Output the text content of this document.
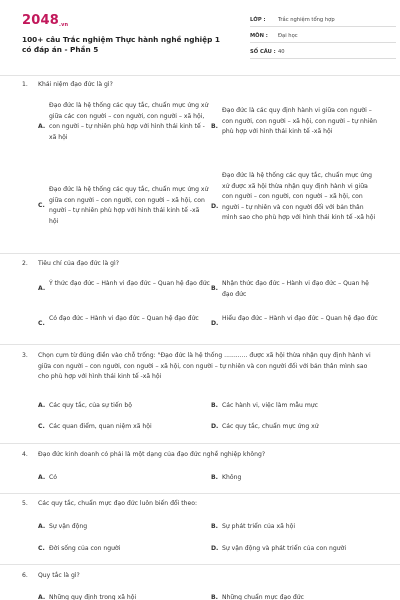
2048.vn
100+ câu Trắc nghiệm Thực hành nghề nghiệp 1 có đáp án - Phần 5
LỚP :	Trắc nghiệm tổng hợp
MÔN :	Đại học
SỐ CÂU : 40
1.	Khái niệm đạo đức là gì?
A.
Đạo đức là hệ thống các quy tắc, chuẩn mực ứng xử giữa các con người – con người, con người – xã hội, con người – tự nhiên phù hợp với hình thái kinh tế -xã hội
B.
Đạo đức là các quy định hành vi giữa con người – con người, con người – xã hội, con người – tự nhiên phù hợp với hình thái kinh tế -xã hội
C.
Đạo đức là hệ thống các quy tắc, chuẩn mực ứng xử giữa con người – con người, con người – xã hội, con người – tự nhiên phù hợp với hình thái kinh tế -xã hội
D.
Đạo đức là hệ thống các quy tắc, chuẩn mực ứng xử được xã hội thừa nhận quy định hành vi giữa con người – con người, con người – xã hội, con người – tự nhiên và con người đối với bản thân mình sao cho phù hợp với hình thái kinh tế -xã hội
2.	Tiêu chí của đạo đức là gì?
A.
Ý thức đạo đức – Hành vi đạo đức – Quan hệ đạo đức
B.
Nhận thức đạo đức – Hành vi đạo đức – Quan hệ đạo đức
C.
Có đạo đức – Hành vi đạo đức – Quan hệ đạo đức
D.
Hiểu đạo đức – Hành vi đạo đức – Quan hệ đạo đức
3.	Chọn cụm từ đúng điền vào chỗ trống: "Đạo đức là hệ thống ............ được xã hội thừa nhận quy định hành vi giữa con người – con người, con người – xã hội, con người – tự nhiên và con người đối với bản thân mình sao cho phù hợp với hình thái kinh tế -xã hội
A. Các quy tắc, của sự tiến bộ	B. Các hành vi, việc làm mẫu mực
C. Các quan điểm, quan niệm xã hội	D. Các quy tắc, chuẩn mực ứng xử
4.	Đạo đức kinh doanh có phải là một dạng của đạo đức nghề nghiệp không?
A. Có	B. Không
5.	Các quy tắc, chuẩn mực đạo đức luôn biến đổi theo:
A. Sự vận động	B. Sự phát triển của xã hội
C. Đời sống của con người	D. Sự vận động và phát triển của con người
6.	Quy tắc là gì?
A. Những quy định trong xã hội	B. Những chuẩn mực đạo đức
